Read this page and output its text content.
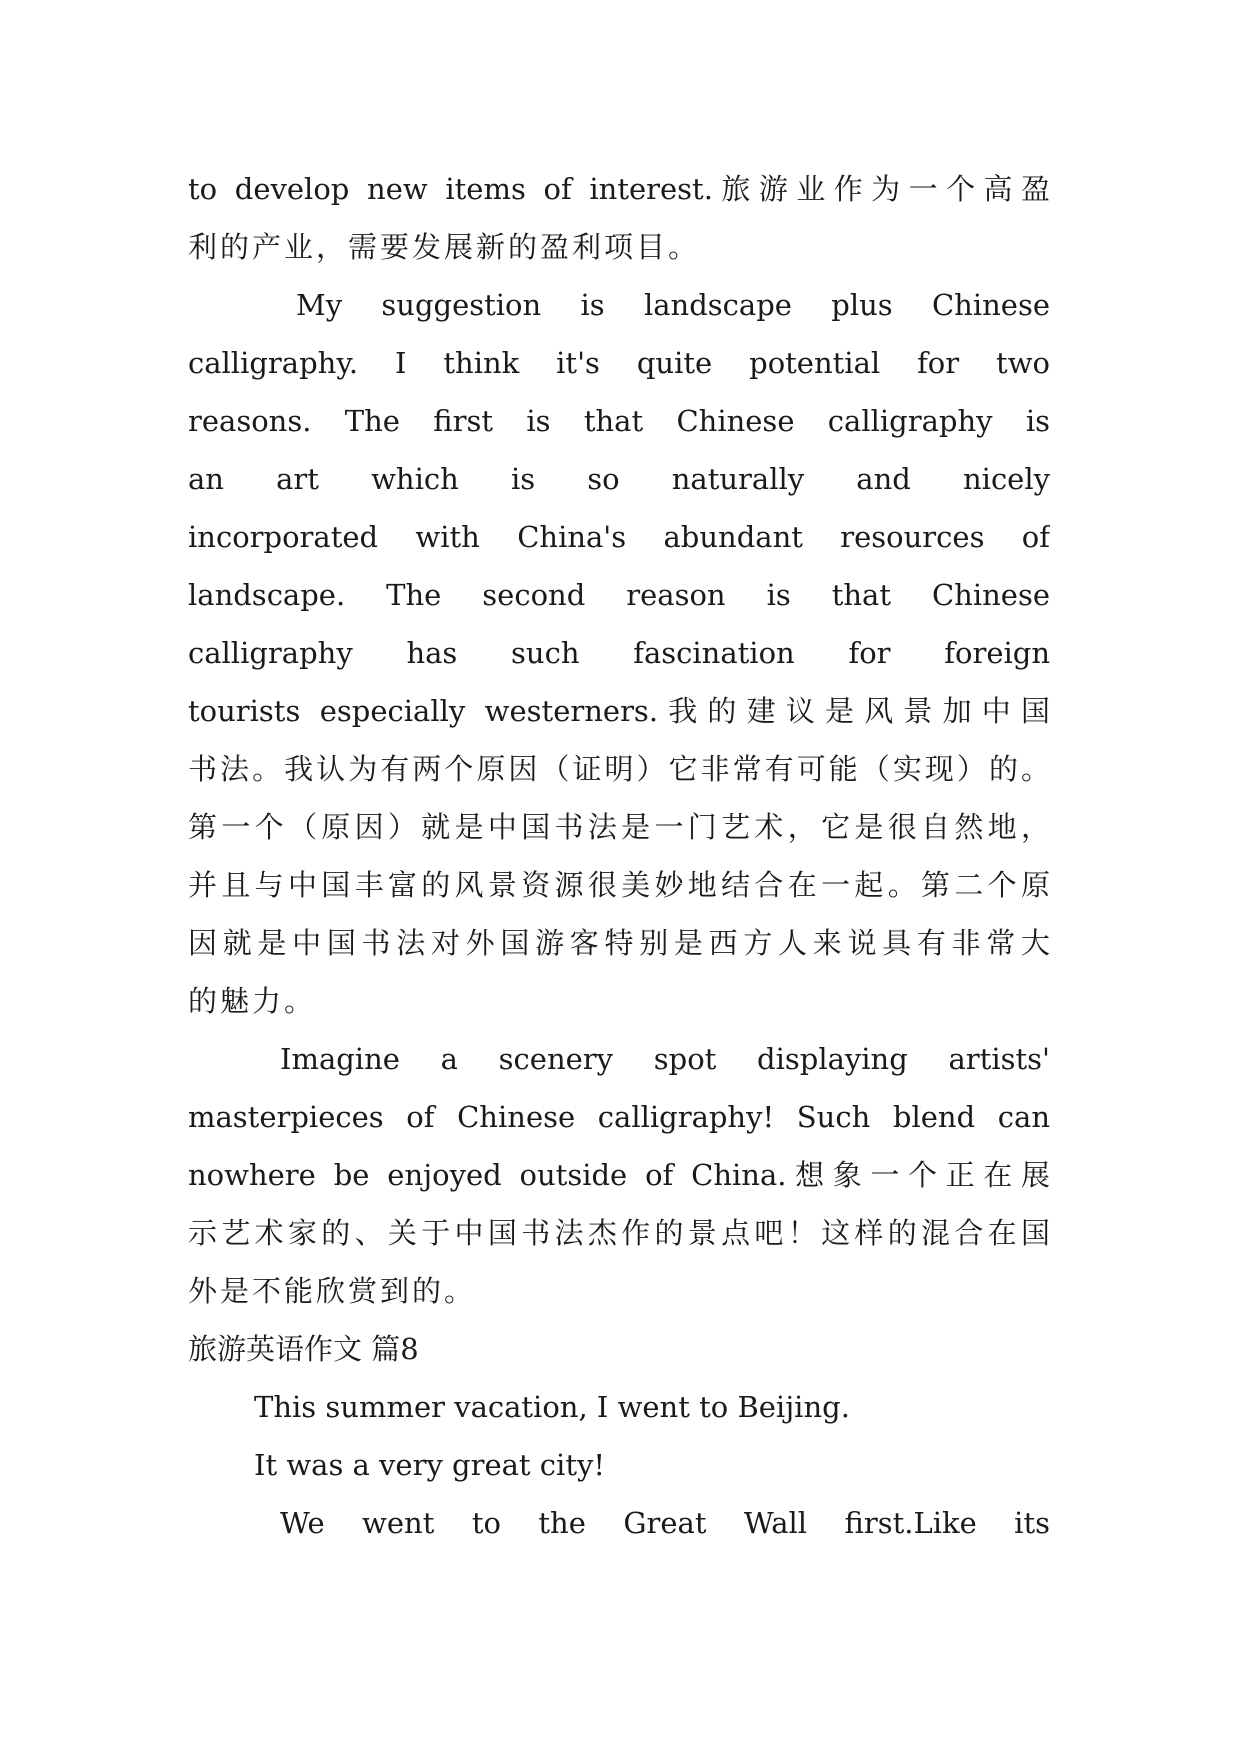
to develop new items of interest.旅游业作为一个高盈
利的产业，需要发展新的盈利项目。
My suggestion is landscape plus Chinese
calligraphy. I think it's quite potential for two
reasons. The first is that Chinese calligraphy is
an art which is so naturally and nicely
incorporated with China's abundant resources of
landscape. The second reason is that Chinese
calligraphy has such fascination for foreign
tourists especially westerners.我的建议是风景加中国
书法。我认为有两个原因（证明）它非常有可能（实现）的。
第一个（原因）就是中国书法是一门艺术，它是很自然地，
并且与中国丰富的风景资源很美妙地结合在一起。第二个原
因就是中国书法对外国游客特别是西方人来说具有非常大
的魅力。
Imagine a scenery spot displaying artists'
masterpieces of Chinese calligraphy! Such blend can
nowhere be enjoyed outside of China.想象一个正在展
示艺术家的、关于中国书法杰作的景点吧！这样的混合在国
外是不能欣赏到的。
旅游英语作文 篇8
This summer vacation, I went to Beijing.
It was a very great city!
We went to the Great Wall first.Like its
